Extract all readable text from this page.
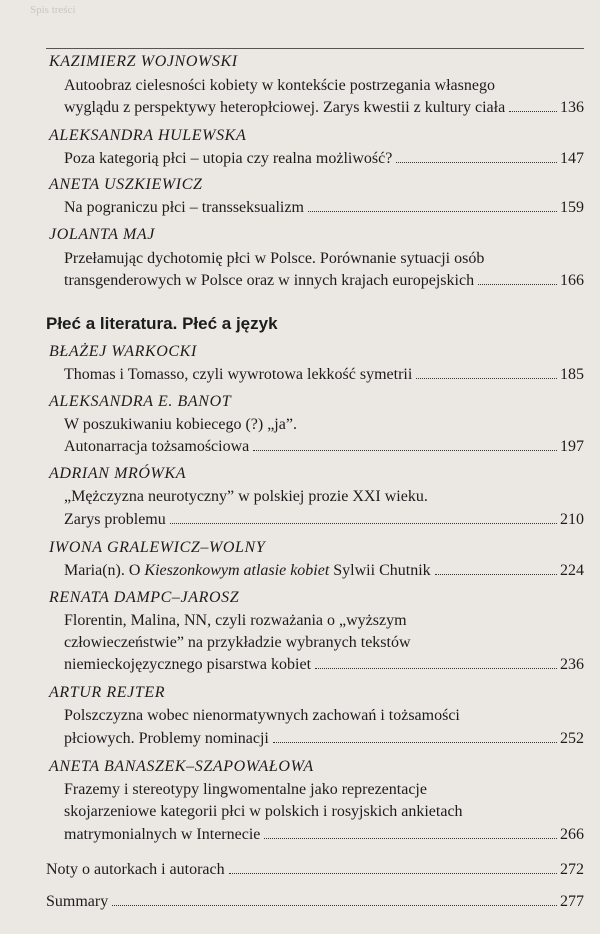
Spis treści
KAZIMIERZ WOJNOWSKI
Autoobraz cielesności kobiety w kontekście postrzegania własnego
wyglądu z perspektywy heteropłciowej. Zarys kwestii z kultury ciała	136
ALEKSANDRA HULEWSKA
Poza kategorią płci – utopia czy realna możliwość?	147
ANETA USZKIEWICZ
Na pograniczu płci – transseksualizm	159
JOLANTA MAJ
Przełamując dychotomię płci w Polsce. Porównanie sytuacji osób
transgenderowych w Polsce oraz w innych krajach europejskich	166
Płeć a literatura. Płeć a język
BŁAŻEJ WARKOCKI
Thomas i Tomasso, czyli wywrotowa lekkość symetrii	185
ALEKSANDRA E. BANOT
W poszukiwaniu kobiecego (?) „ja”.
Autonarracja tożsamościowa	197
ADRIAN MRÓWKA
„Mężczyzna neurotyczny” w polskiej prozie XXI wieku.
Zarys problemu	210
IWONA GRALEWICZ–WOLNY
Maria(n). O Kieszonkowym atlasie kobiet Sylwii Chutnik	224
RENATA DAMPC–JAROSZ
Florentin, Malina, NN, czyli rozważania o „wyższym
człowieczeństwie” na przykładzie wybranych tekstów
niemieckojęzycznego pisarstwa kobiet	236
ARTUR REJTER
Polszczyzna wobec nienormatywnych zachowań i tożsamości
płciowych. Problemy nominacji	252
ANETA BANASZEK–SZAPOWAŁOWA
Frazemy i stereotypy lingwomentalne jako reprezentacje
skojarzeniowe kategorii płci w polskich i rosyjskich ankietach
matrymonialnych w Internecie	266
Noty o autorkach i autorach	272
Summary	277
